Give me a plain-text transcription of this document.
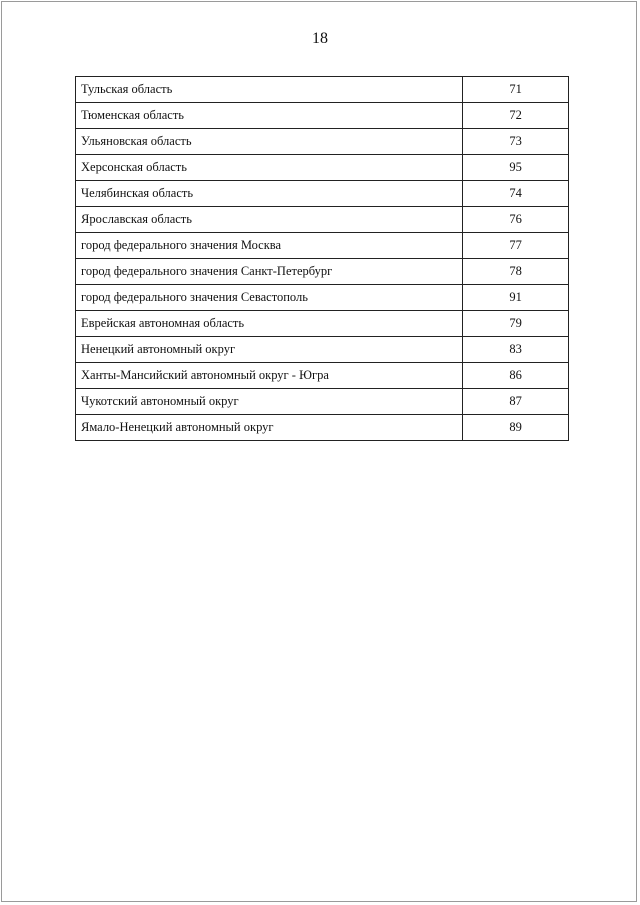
18
Тульская область	71
Тюменская область	72
Ульяновская область	73
Херсонская область	95
Челябинская область	74
Ярославская область	76
город федерального значения Москва	77
город федерального значения Санкт-Петербург	78
город федерального значения Севастополь	91
Еврейская автономная область	79
Ненецкий автономный округ	83
Ханты-Мансийский автономный округ - Югра	86
Чукотский автономный округ	87
Ямало-Ненецкий автономный округ	89
